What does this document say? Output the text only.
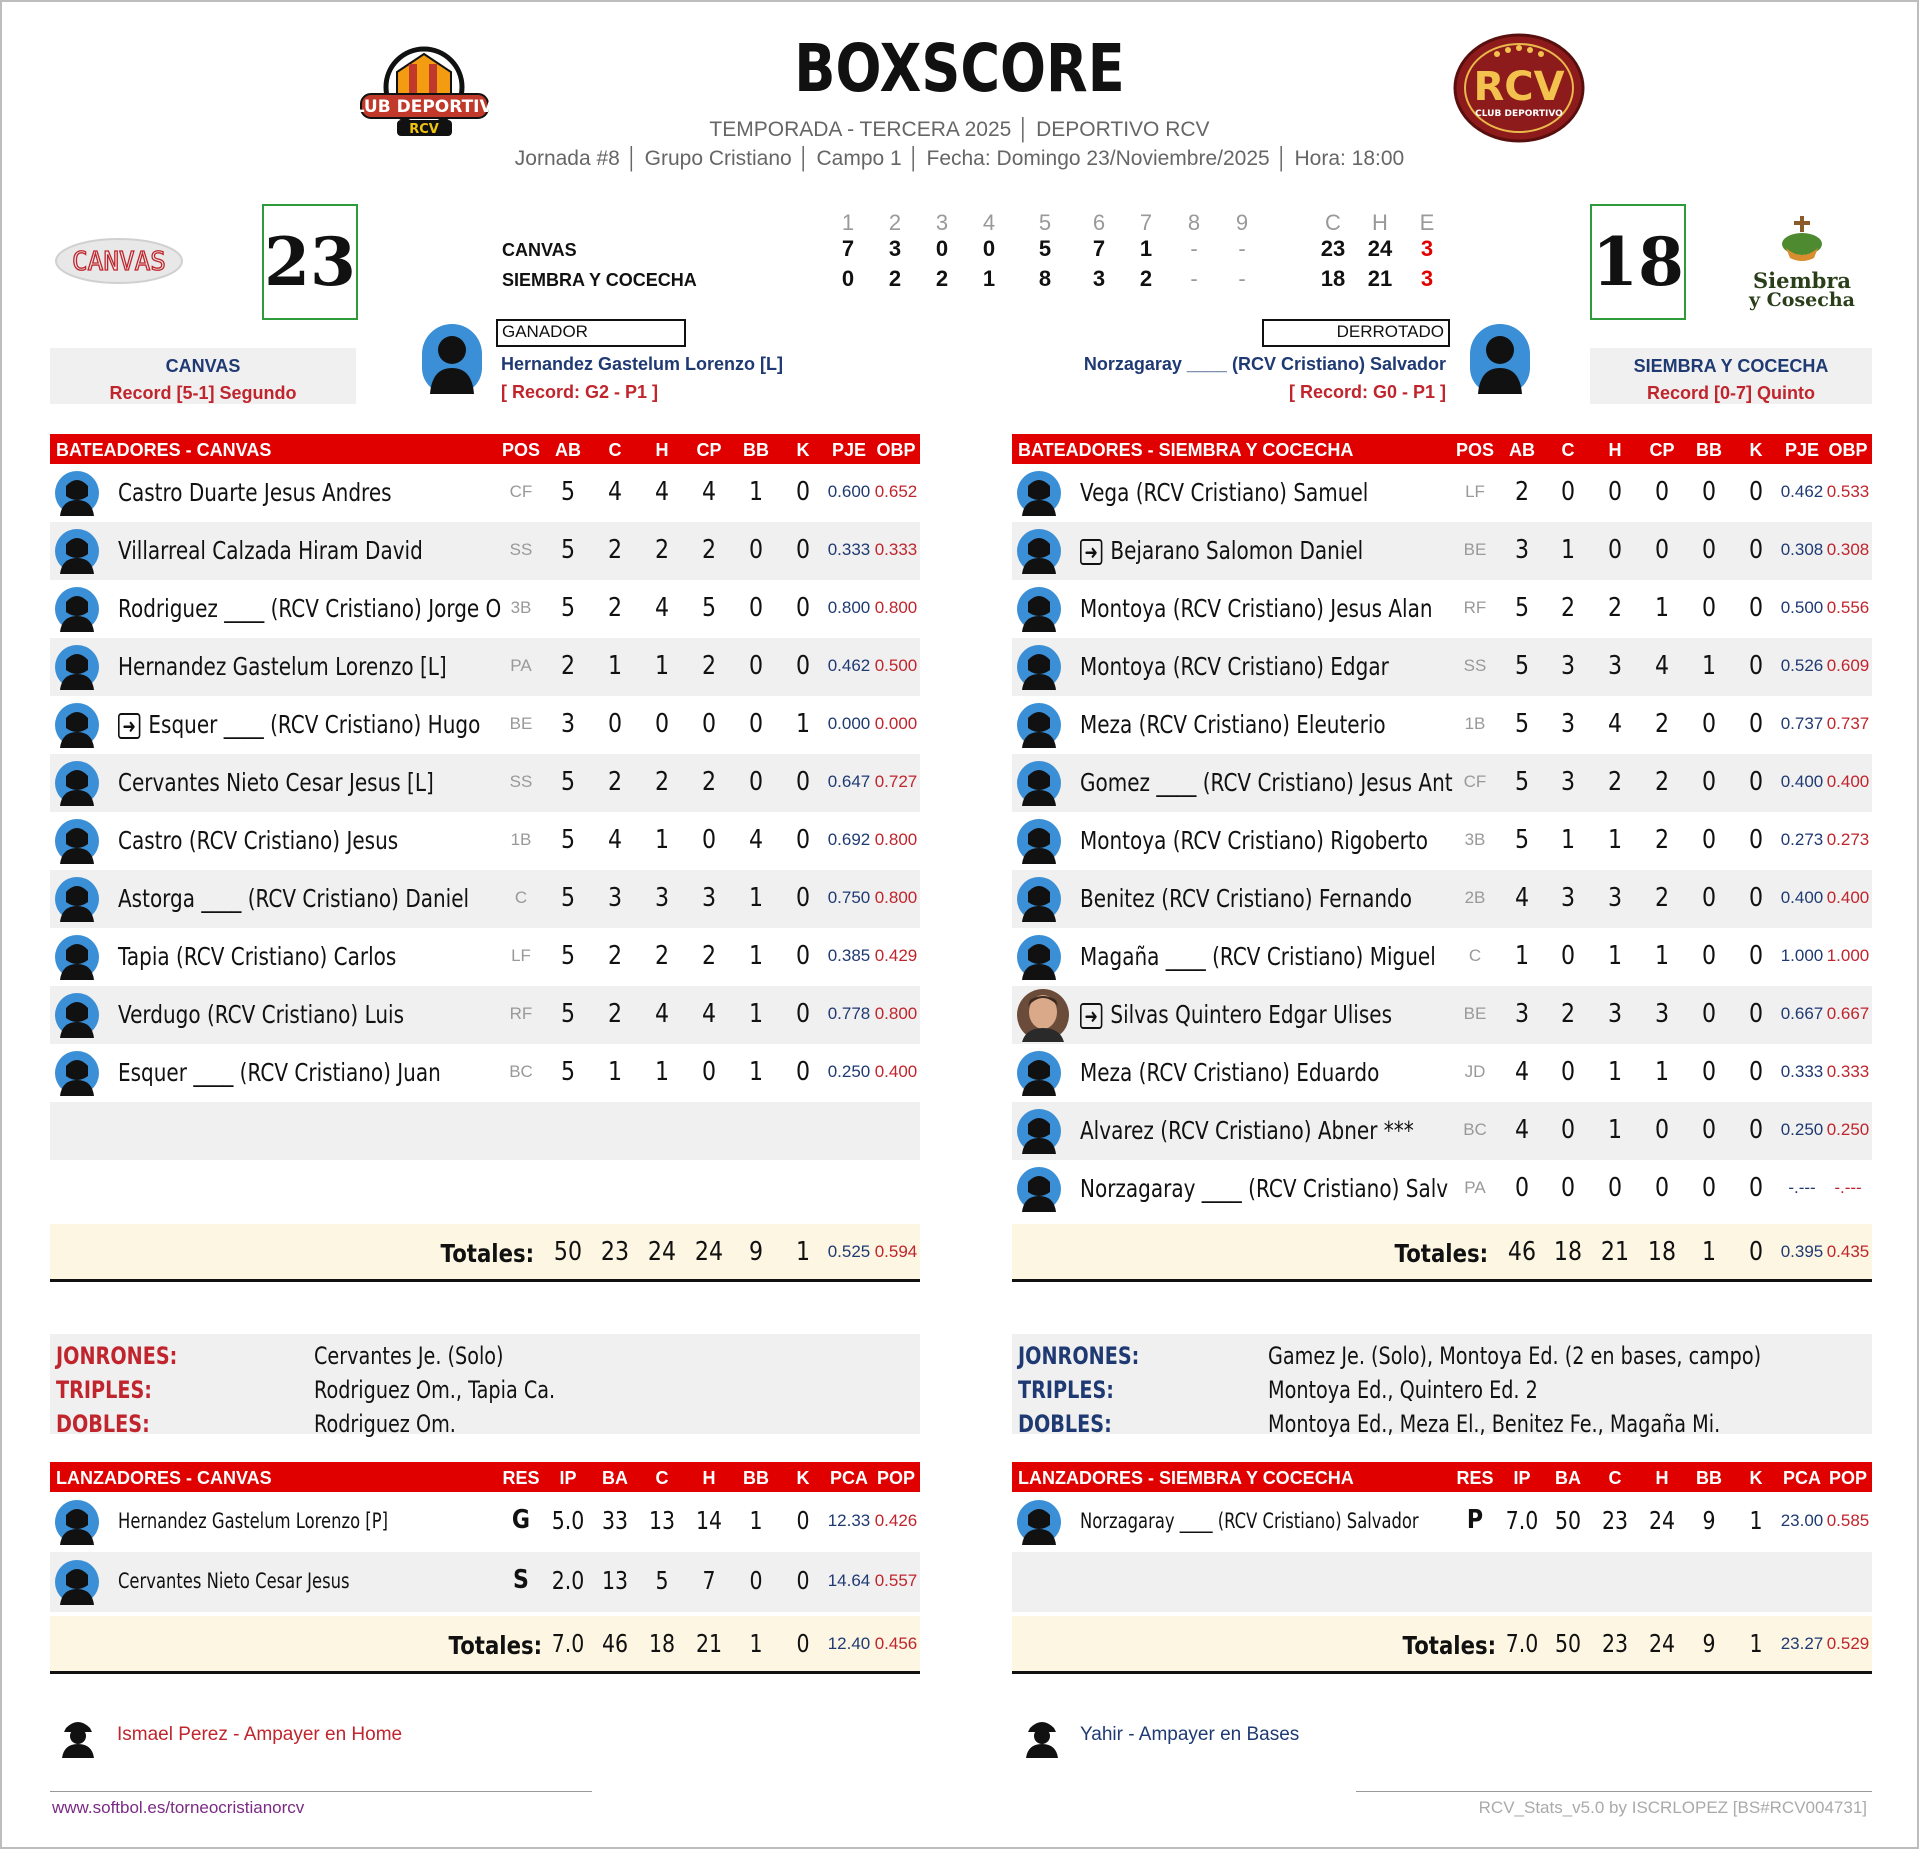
CLUB DEPORTIVO
RCV
RCV
CLUB DEPORTIVO
BOXSCORE
TEMPORADA - TERCERA 2025 │ DEPORTIVO RCV
Jornada #8 │ Grupo Cristiano │ Campo 1 │ Fecha: Domingo 23/Noviembre/2025 │ Hora: 18:00
CANVAS 23	18	Siembra
y Cosecha
1	2	3	4	5	6	7	8	9	C	H	E
CANVAS	7	3	0	0	5	7	1	-	-	23	24	3
SIEMBRA Y COCECHA	0	2	2	1	8	3	2	-	-	18	21	3
CANVAS
Record [5-1] Segundo
SIEMBRA Y COCECHA
Record [0-7] Quinto
GANADOR
Hernandez Gastelum Lorenzo [L]
[ Record: G2 - P1 ]
DERROTADO
Norzagaray ____ (RCV Cristiano) Salvador
[ Record: G0 - P1 ]
BATEADORES - CANVAS	POS AB	C	H	CP	BB	K	PJE OBP
Castro Duarte Jesus Andres	CF	5	4	4	4	1	0	0.600 0.652
Villarreal Calzada Hiram David	SS	5	2	2	2	0	0	0.333 0.333
Rodriguez ____ (RCV Cristiano) Jorge O 3B	5	2	4	5	0	0	0.800 0.800
Hernandez Gastelum Lorenzo [L]	PA	2	1	1	2	0	0	0.462 0.500
➜ Esquer ____ (RCV Cristiano) Hugo	BE	3	0	0	0	0	1	0.000 0.000
Cervantes Nieto Cesar Jesus [L]	SS	5	2	2	2	0	0	0.647 0.727
Castro (RCV Cristiano) Jesus	1B	5	4	1	0	4	0	0.692 0.800
Astorga ____ (RCV Cristiano) Daniel	C	5	3	3	3	1	0	0.750 0.800
Tapia (RCV Cristiano) Carlos	LF	5	2	2	2	1	0	0.385 0.429
Verdugo (RCV Cristiano) Luis	RF	5	2	4	4	1	0	0.778 0.800
Esquer ____ (RCV Cristiano) Juan	BC	5	1	1	0	1	0	0.250 0.400
Totales: 50 23 24 24 9	1	0.525 0.594
BATEADORES - SIEMBRA Y COCECHA	POS AB	C	H	CP	BB	K	PJE OBP
Vega (RCV Cristiano) Samuel	LF	2	0	0	0	0	0	0.462 0.533
➜ Bejarano Salomon Daniel	BE	3	1	0	0	0	0	0.308 0.308
Montoya (RCV Cristiano) Jesus Alan	RF	5	2	2	1	0	0	0.500 0.556
Montoya (RCV Cristiano) Edgar	SS	5	3	3	4	1	0	0.526 0.609
Meza (RCV Cristiano) Eleuterio	1B	5	3	4	2	0	0	0.737 0.737
Gomez ____ (RCV Cristiano) Jesus Ant CF	5	3	2	2	0	0	0.400 0.400
Montoya (RCV Cristiano) Rigoberto	3B	5	1	1	2	0	0	0.273 0.273
Benitez (RCV Cristiano) Fernando	2B	4	3	3	2	0	0	0.400 0.400
Magaña ____ (RCV Cristiano) Miguel	C	1	0	1	1	0	0	1.000 1.000
➜ Silvas Quintero Edgar Ulises	BE	3	2	3	3	0	0	0.667 0.667
Meza (RCV Cristiano) Eduardo	JD	4	0	1	1	0	0	0.333 0.333
Alvarez (RCV Cristiano) Abner ***	BC	4	0	1	0	0	0	0.250 0.250
Norzagaray ____ (RCV Cristiano) Salv PA	0	0	0	0	0	0	-.---	-.---
Totales: 46 18 21 18 1	0	0.395 0.435
JONRONES:	Cervantes Je. (Solo)
TRIPLES:	Rodriguez Om., Tapia Ca.
DOBLES:	Rodriguez Om.
JONRONES:	Gamez Je. (Solo), Montoya Ed. (2 en bases, campo)
TRIPLES:	Montoya Ed., Quintero Ed. 2
DOBLES:	Montoya Ed., Meza El., Benitez Fe., Magaña Mi.
LANZADORES - CANVAS	RES	IP	BA	C	H	BB	K	PCA POP
Hernandez Gastelum Lorenzo [P]	G 5.0 33 13 14	1	0	12.33 0.426
Cervantes Nieto Cesar Jesus	S 2.0 13	5	7	0	0	14.64 0.557
Totales: 7.0 46 18 21	1	0	12.40 0.456
LANZADORES - SIEMBRA Y COCECHA	RES	IP	BA	C	H	BB	K	PCA POP
Norzagaray ____ (RCV Cristiano) Salvador	P 7.0 50 23 24	9	1	23.00 0.585
Totales: 7.0 50 23 24	9	1	23.27 0.529
Ismael Perez - Ampayer en Home	Yahir - Ampayer en Bases
www.softbol.es/torneocristianorcv	RCV_Stats_v5.0 by ISCRLOPEZ [BS#RCV004731]
